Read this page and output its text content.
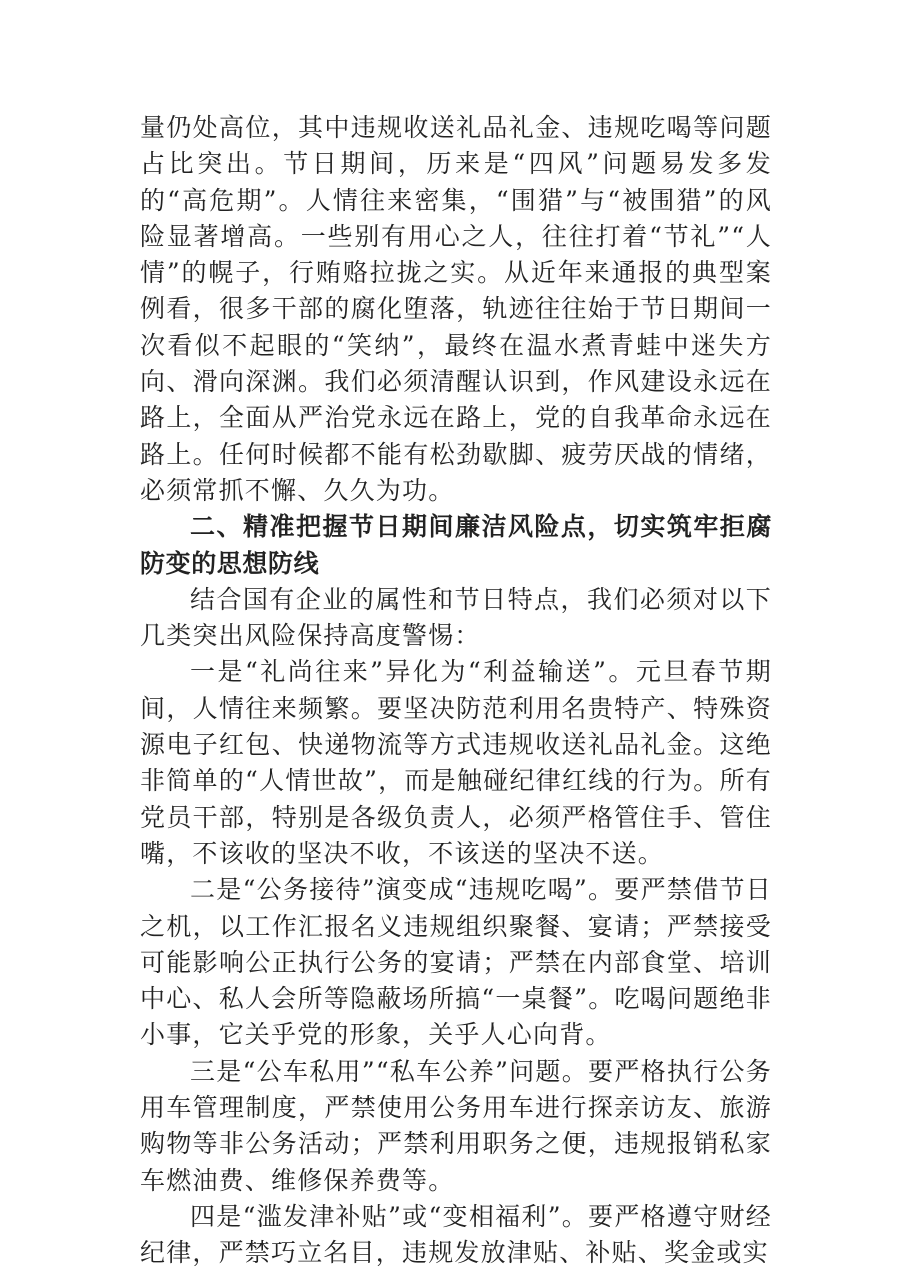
量仍处高位，其中违规收送礼品礼金、违规吃喝等问题占比突出。节日期间，历来是“四风”问题易发多发的“高危期”。人情往来密集，“围猎”与“被围猎”的风险显著增高。一些别有用心之人，往往打着“节礼”“人情”的幌子，行贿赂拉拢之实。从近年来通报的典型案例看，很多干部的腐化堕落，轨迹往往始于节日期间一次看似不起眼的“笑纳”，最终在温水煮青蛙中迷失方向、滑向深渊。我们必须清醒认识到，作风建设永远在路上，全面从严治党永远在路上，党的自我革命永远在路上。任何时候都不能有松劲歇脚、疲劳厌战的情绪，必须常抓不懈、久久为功。

二、精准把握节日期间廉洁风险点，切实筑牢拒腐防变的思想防线

结合国有企业的属性和节日特点，我们必须对以下几类突出风险保持高度警惕：

一是“礼尚往来”异化为“利益输送”。元旦春节期间，人情往来频繁。要坚决防范利用名贵特产、特殊资源电子红包、快递物流等方式违规收送礼品礼金。这绝非简单的“人情世故”，而是触碰纪律红线的行为。所有党员干部，特别是各级负责人，必须严格管住手、管住嘴，不该收的坚决不收，不该送的坚决不送。

二是“公务接待”演变成“违规吃喝”。要严禁借节日之机，以工作汇报名义违规组织聚餐、宴请；严禁接受可能影响公正执行公务的宴请；严禁在内部食堂、培训中心、私人会所等隐蔽场所搞“一桌餐”。吃喝问题绝非小事，它关乎党的形象，关乎人心向背。

三是“公车私用”“私车公养”问题。要严格执行公务用车管理制度，严禁使用公务用车进行探亲访友、旅游购物等非公务活动；严禁利用职务之便，违规报销私家车燃油费、维修保养费等。

四是“滥发津补贴”或“变相福利”。要严格遵守财经纪律，严禁巧立名目，违规发放津贴、补贴、奖金或实
